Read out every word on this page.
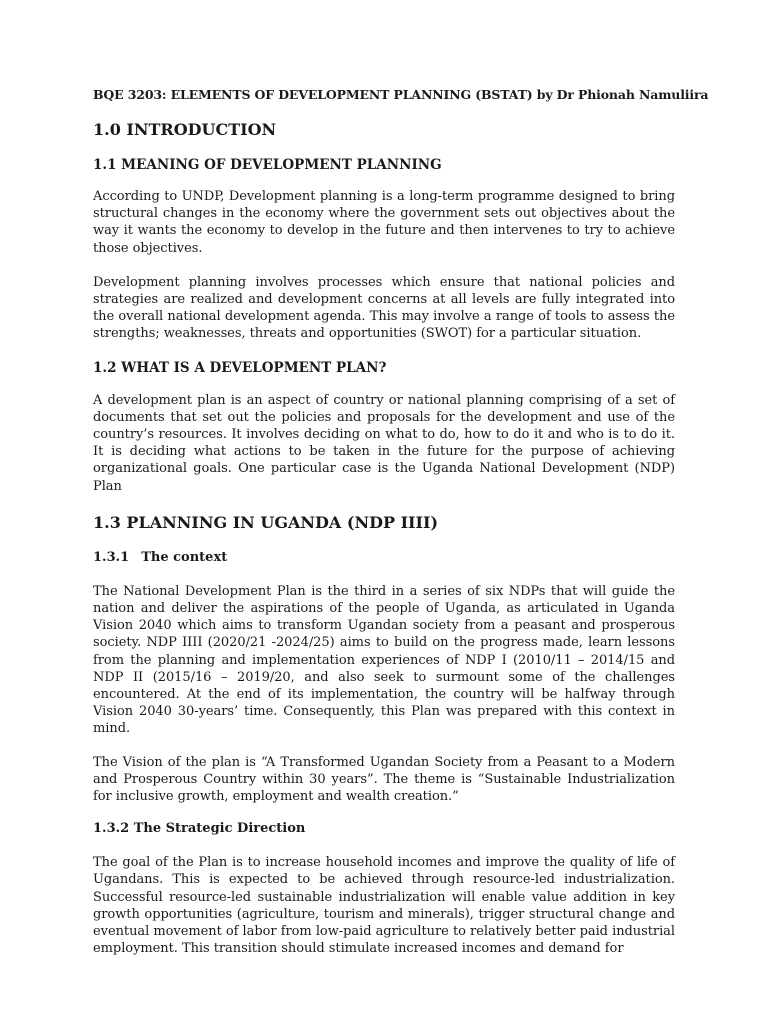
BQE 3203: ELEMENTS OF DEVELOPMENT PLANNING (BSTAT) by Dr Phionah Namuliira

1.0 INTRODUCTION

1.1 MEANING OF DEVELOPMENT PLANNING

According to UNDP, Development planning is a long-term programme designed to bring structural changes in the economy where the government sets out objectives about the way it wants the economy to develop in the future and then intervenes to try to achieve those objectives.

Development planning involves processes which ensure that national policies and strategies are realized and development concerns at all levels are fully integrated into the overall national development agenda. This may involve a range of tools to assess the strengths; weaknesses, threats and opportunities (SWOT) for a particular situation.

1.2 WHAT IS A DEVELOPMENT PLAN?

A development plan is an aspect of country or national planning comprising of a set of documents that set out the policies and proposals for the development and use of the country’s resources. It involves deciding on what to do, how to do it and who is to do it. It is deciding what actions to be taken in the future for the purpose of achieving organizational goals. One particular case is the Uganda National Development (NDP) Plan

1.3 PLANNING IN UGANDA (NDP IIII)

1.3.1 The context

The National Development Plan is the third in a series of six NDPs that will guide the nation and deliver the aspirations of the people of Uganda, as articulated in Uganda Vision 2040 which aims to transform Ugandan society from a peasant and prosperous society. NDP IIII (2020/21 -2024/25) aims to build on the progress made, learn lessons from the planning and implementation experiences of NDP I (2010/11 – 2014/15 and NDP II (2015/16 – 2019/20, and also seek to surmount some of the challenges encountered. At the end of its implementation, the country will be halfway through Vision 2040 30-years’ time. Consequently, this Plan was prepared with this context in mind.

The Vision of the plan is “A Transformed Ugandan Society from a Peasant to a Modern and Prosperous Country within 30 years”. The theme is “Sustainable Industrialization for inclusive growth, employment and wealth creation.”

1.3.2 The Strategic Direction

The goal of the Plan is to increase household incomes and improve the quality of life of Ugandans. This is expected to be achieved through resource-led industrialization. Successful resource-led sustainable industrialization will enable value addition in key growth opportunities (agriculture, tourism and minerals), trigger structural change and eventual movement of labor from low-paid agriculture to relatively better paid industrial employment. This transition should stimulate increased incomes and demand for
